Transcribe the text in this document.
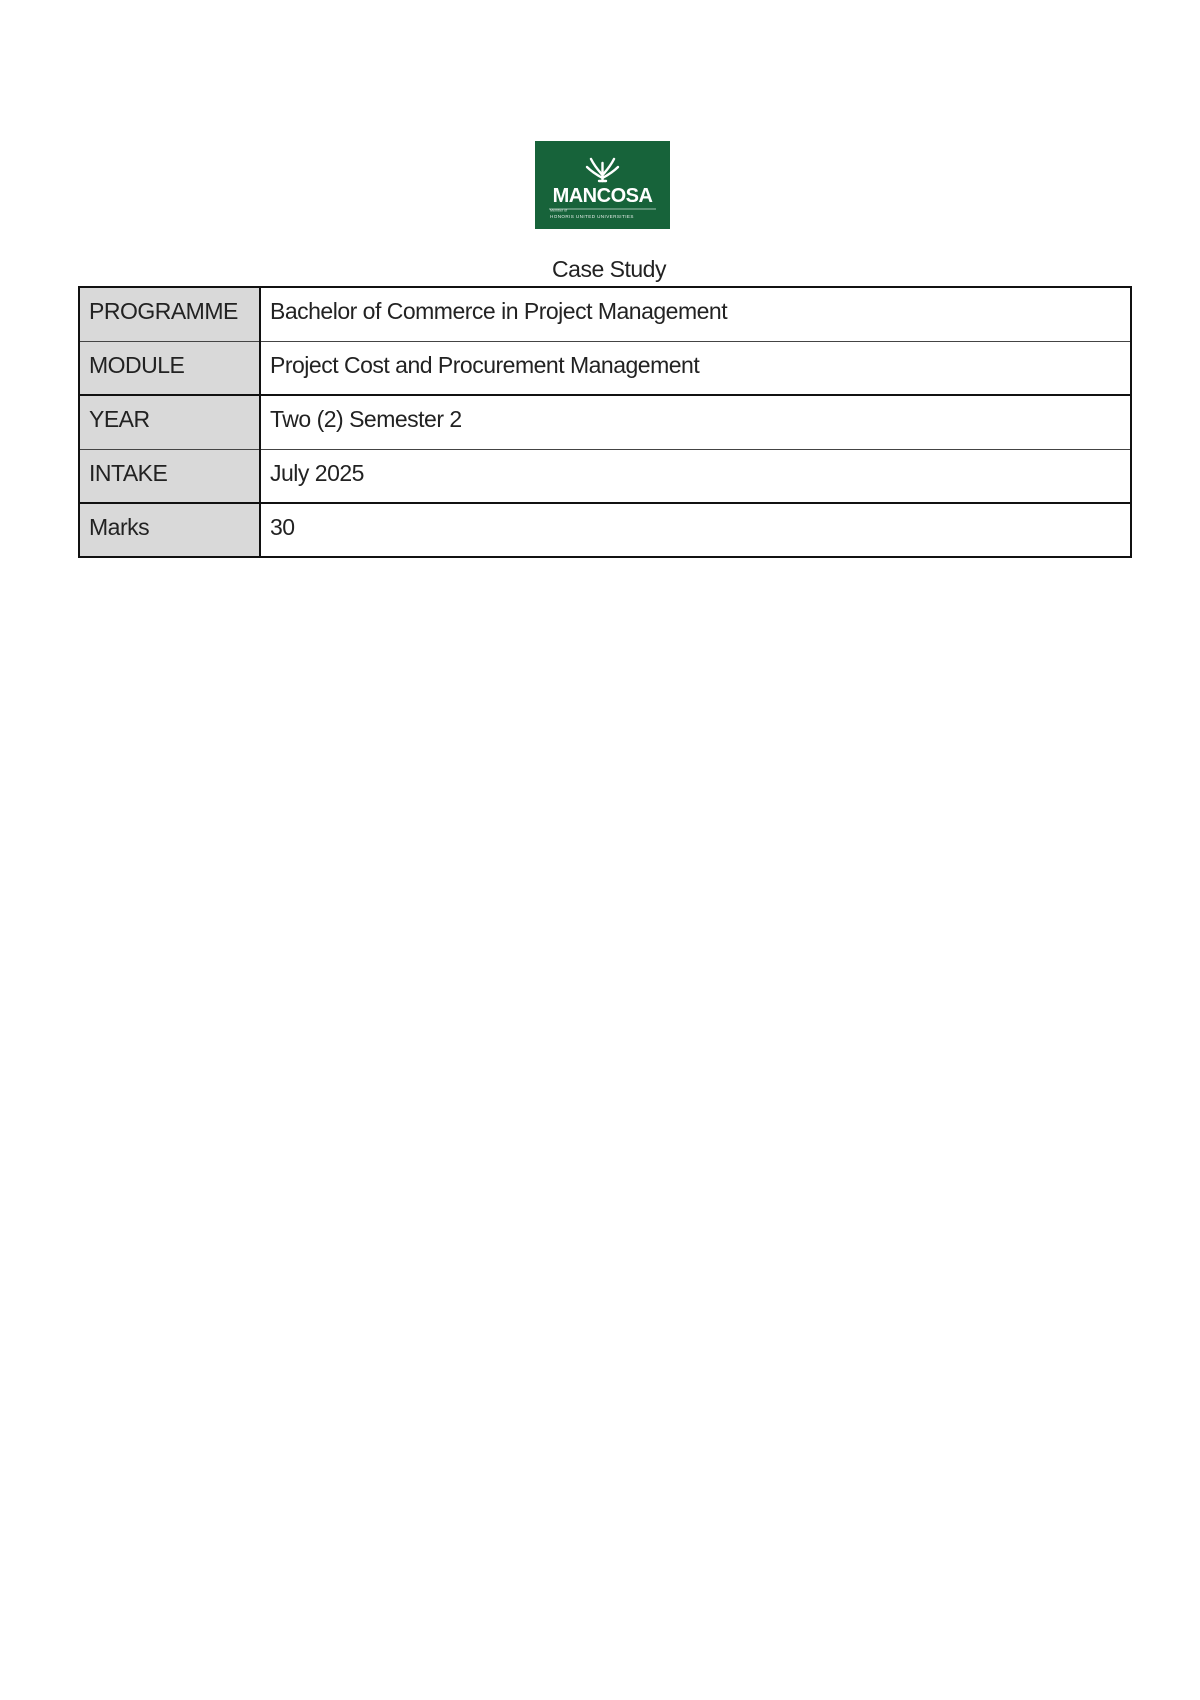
MANCOSA
Member of
HONORIS UNITED UNIVERSITIES
Case Study
PROGRAMME	Bachelor of Commerce in Project Management
MODULE	Project Cost and Procurement Management
YEAR	Two (2) Semester 2
INTAKE	July 2025
Marks	30
